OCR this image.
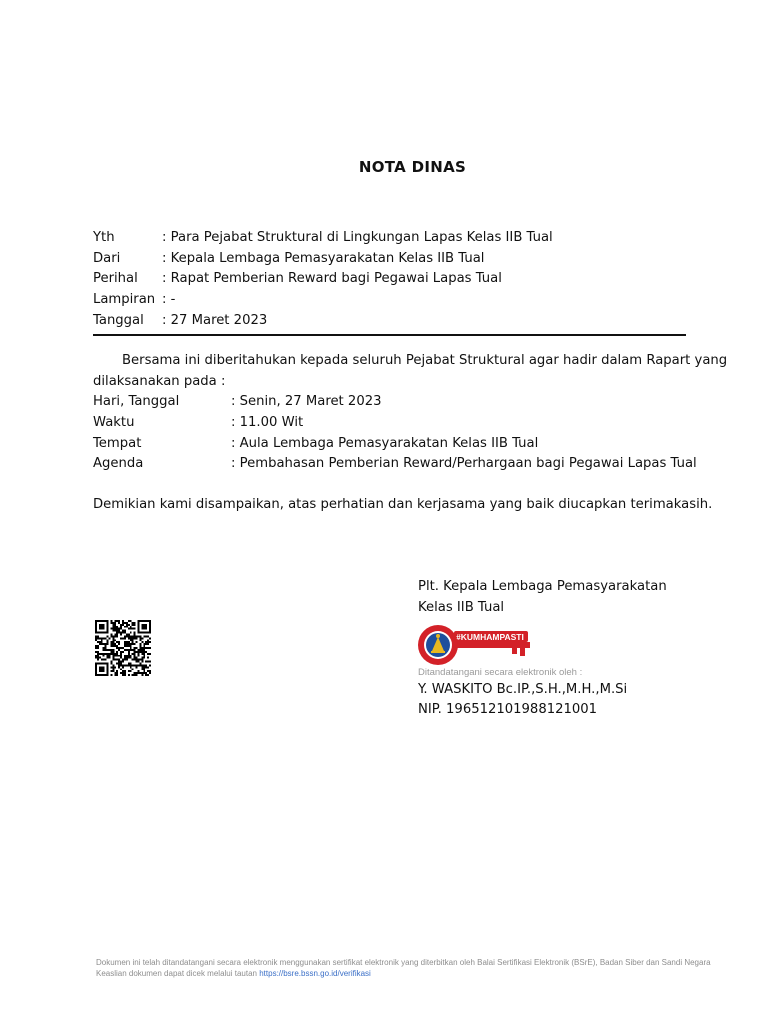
NOTA DINAS
Yth	: Para Pejabat Struktural di Lingkungan Lapas Kelas IIB Tual
Dari	: Kepala Lembaga Pemasyarakatan Kelas IIB Tual
Perihal : Rapat Pemberian Reward bagi Pegawai Lapas Tual
Lampiran : -
Tanggal : 27 Maret 2023
Bersama ini diberitahukan kepada seluruh Pejabat Struktural agar hadir dalam Rapart yang
dilaksanakan pada :
Hari, Tanggal	: Senin, 27 Maret 2023
Waktu	: 11.00 Wit
Tempat	: Aula Lembaga Pemasyarakatan Kelas IIB Tual
Agenda	: Pembahasan Pemberian Reward/Perhargaan bagi Pegawai Lapas Tual
Demikian kami disampaikan, atas perhatian dan kerjasama yang baik diucapkan terimakasih.
Plt. Kepala Lembaga Pemasyarakatan
Kelas IIB Tual
#KUMHAMPASTI
Ditandatangani secara elektronik oleh :
Y. WASKITO Bc.IP.,S.H.,M.H.,M.Si
NIP. 196512101988121001
Dokumen ini telah ditandatangani secara elektronik menggunakan sertifikat elektronik yang diterbitkan oleh Balai Sertifikasi Elektronik (BSrE), Badan Siber dan Sandi Negara
Keaslian dokumen dapat dicek melalui tautan https://bsre.bssn.go.id/verifikasi
